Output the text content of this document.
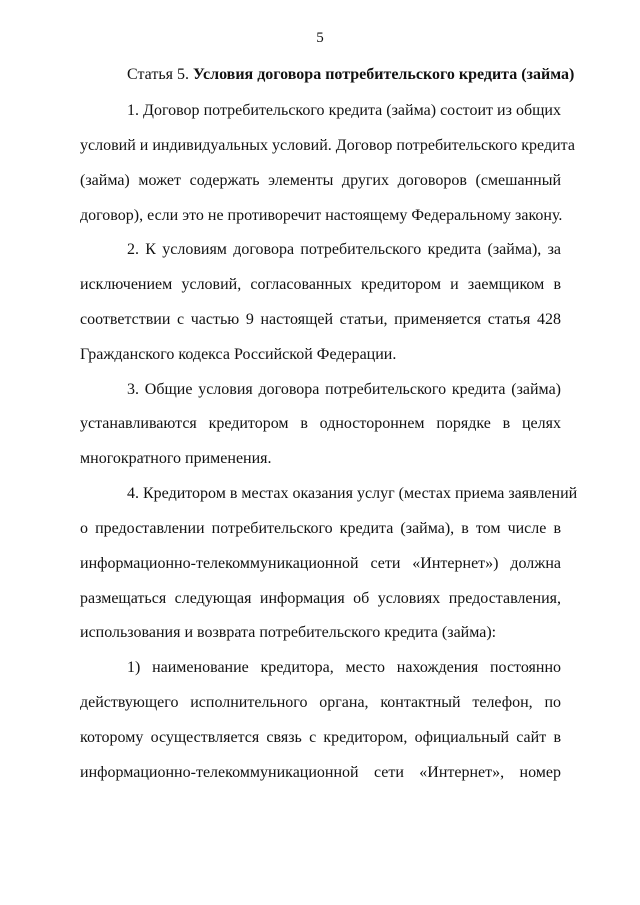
5
Статья 5. Условия договора потребительского кредита (займа)
1. Договор потребительского кредита (займа) состоит из общих
условий и индивидуальных условий. Договор потребительского кредита
(займа) может содержать элементы других договоров (смешанный
договор), если это не противоречит настоящему Федеральному закону.
2. К условиям договора потребительского кредита (займа), за
исключением условий, согласованных кредитором и заемщиком в
соответствии с частью 9 настоящей статьи, применяется статья 428
Гражданского кодекса Российской Федерации.
3. Общие условия договора потребительского кредита (займа)
устанавливаются кредитором в одностороннем порядке в целях
многократного применения.
4. Кредитором в местах оказания услуг (местах приема заявлений
о предоставлении потребительского кредита (займа), в том числе в
информационно-телекоммуникационной сети «Интернет») должна
размещаться следующая информация об условиях предоставления,
использования и возврата потребительского кредита (займа):
1) наименование кредитора, место нахождения постоянно
действующего исполнительного органа, контактный телефон, по
которому осуществляется связь с кредитором, официальный сайт в
информационно-телекоммуникационной сети «Интернет», номер
